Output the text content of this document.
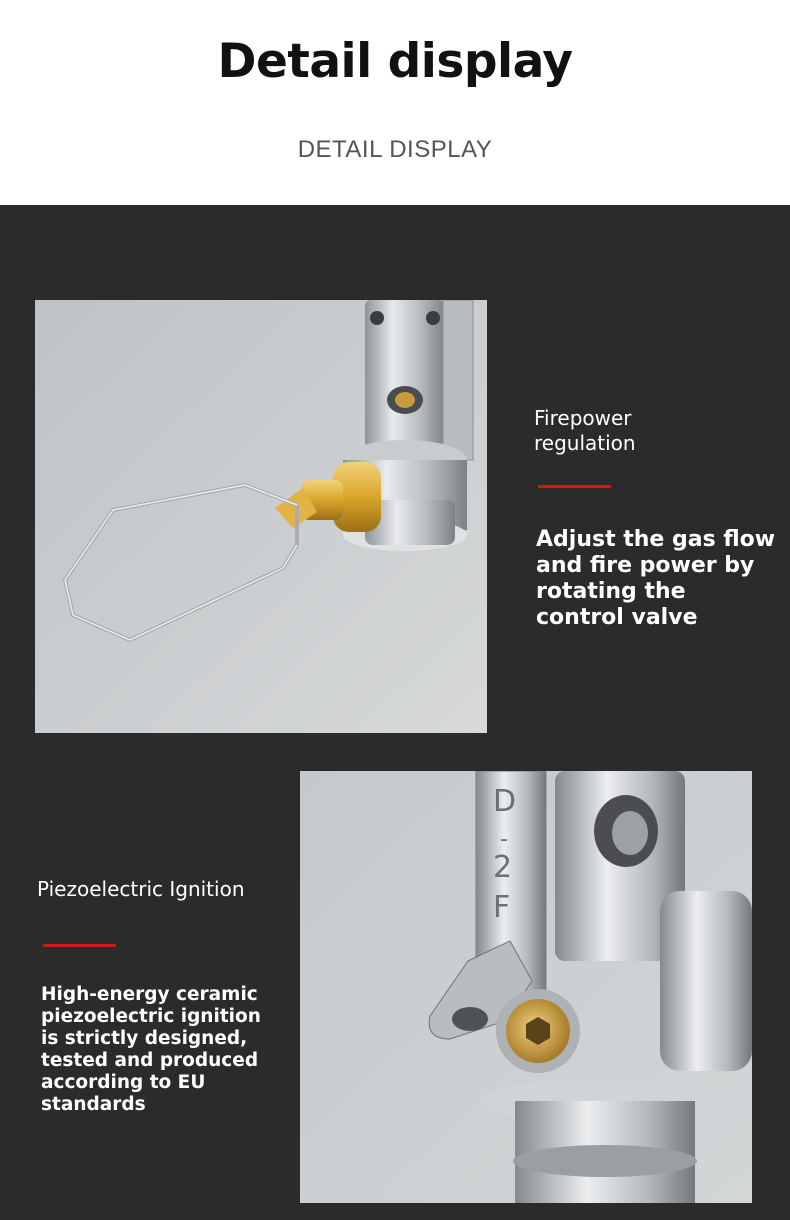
Detail display
DETAIL DISPLAY
Firepower regulation
Adjust the gas flow and fire power by rotating the control valve
D
-
2
F
Piezoelectric Ignition
High-energy ceramic piezoelectric ignition is strictly designed, tested and produced according to EU standards
